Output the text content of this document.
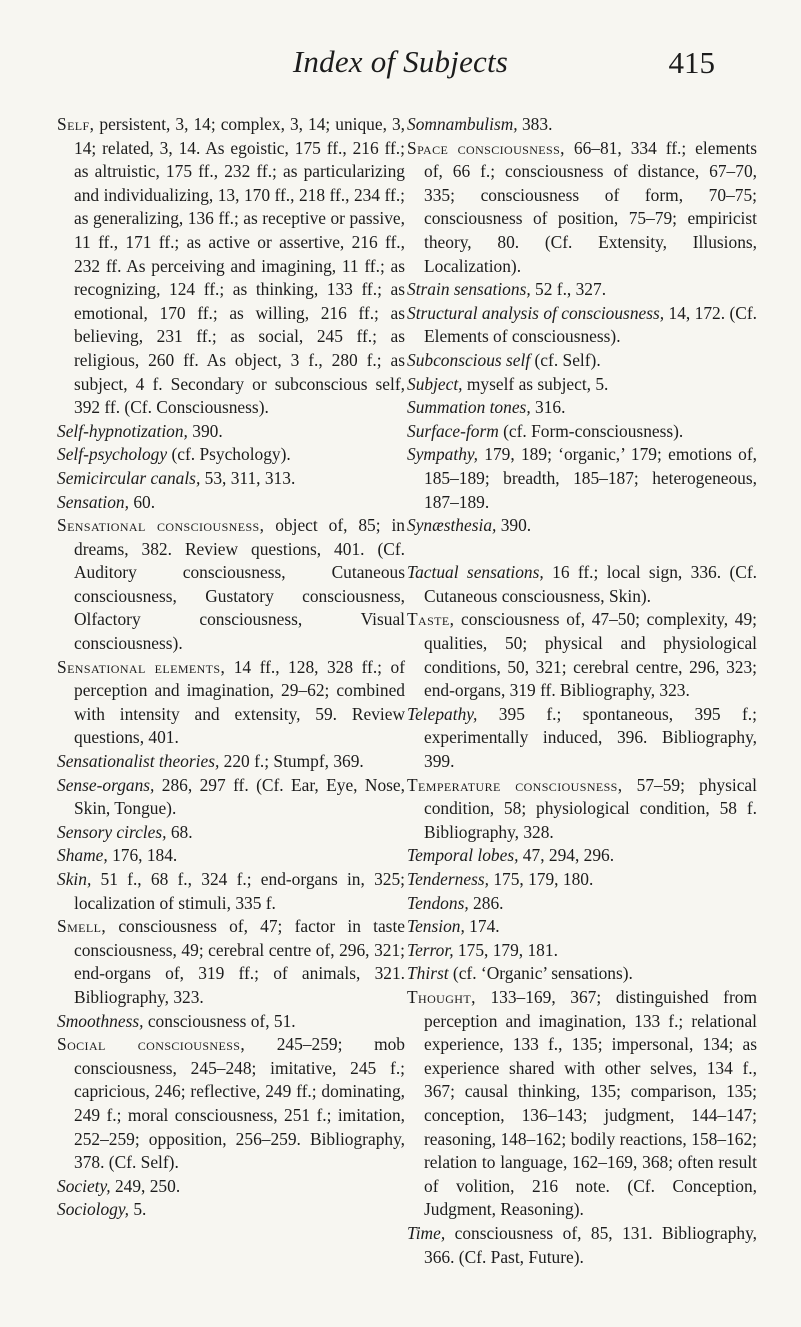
Index of Subjects	415

Self, persistent, 3, 14; complex, 3, 14; unique, 3, 14; related, 3, 14. As egoistic, 175 ff., 216 ff.; as altruistic, 175 ff., 232 ff.; as particularizing and individualizing, 13, 170 ff., 218 ff., 234 ff.; as generalizing, 136 ff.; as receptive or passive, 11 ff., 171 ff.; as active or assertive, 216 ff., 232 ff. As perceiving and imagining, 11 ff.; as recognizing, 124 ff.; as thinking, 133 ff.; as emotional, 170 ff.; as willing, 216 ff.; as believing, 231 ff.; as social, 245 ff.; as religious, 260 ff. As object, 3 f., 280 f.; as subject, 4 f. Secondary or subconscious self, 392 ff. (Cf. Consciousness).

Self-hypnotization, 390.

Self-psychology (cf. Psychology).

Semicircular canals, 53, 311, 313.

Sensation, 60.

Sensational consciousness, object of, 85; in dreams, 382. Review questions, 401. (Cf. Auditory consciousness, Cutaneous consciousness, Gustatory consciousness, Olfactory consciousness, Visual consciousness).

Sensational elements, 14 ff., 128, 328 ff.; of perception and imagination, 29–62; combined with intensity and extensity, 59. Review questions, 401.

Sensationalist theories, 220 f.; Stumpf, 369.

Sense-organs, 286, 297 ff. (Cf. Ear, Eye, Nose, Skin, Tongue).

Sensory circles, 68.

Shame, 176, 184.

Skin, 51 f., 68 f., 324 f.; end-organs in, 325; localization of stimuli, 335 f.

Smell, consciousness of, 47; factor in taste consciousness, 49; cerebral centre of, 296, 321; end-organs of, 319 ff.; of animals, 321. Bibliography, 323.

Smoothness, consciousness of, 51.

Social consciousness, 245–259; mob consciousness, 245–248; imitative, 245 f.; capricious, 246; reflective, 249 ff.; dominating, 249 f.; moral consciousness, 251 f.; imitation, 252–259; opposition, 256–259. Bibliography, 378. (Cf. Self).

Society, 249, 250.

Sociology, 5.

Somnambulism, 383.

Space consciousness, 66–81, 334 ff.; elements of, 66 f.; consciousness of distance, 67–70, 335; consciousness of form, 70–75; consciousness of position, 75–79; empiricist theory, 80. (Cf. Extensity, Illusions, Localization).

Strain sensations, 52 f., 327.

Structural analysis of consciousness, 14, 172. (Cf. Elements of consciousness).

Subconscious self (cf. Self).

Subject, myself as subject, 5.

Summation tones, 316.

Surface-form (cf. Form-consciousness).

Sympathy, 179, 189; ‘organic,’ 179; emotions of, 185–189; breadth, 185–187; heterogeneous, 187–189.

Synæsthesia, 390.

Tactual sensations, 16 ff.; local sign, 336. (Cf. Cutaneous consciousness, Skin).

Taste, consciousness of, 47–50; complexity, 49; qualities, 50; physical and physiological conditions, 50, 321; cerebral centre, 296, 323; end-organs, 319 ff. Bibliography, 323.

Telepathy, 395 f.; spontaneous, 395 f.; experimentally induced, 396. Bibliography, 399.

Temperature consciousness, 57–59; physical condition, 58; physiological condition, 58 f. Bibliography, 328.

Temporal lobes, 47, 294, 296.

Tenderness, 175, 179, 180.

Tendons, 286.

Tension, 174.

Terror, 175, 179, 181.

Thirst (cf. ‘Organic’ sensations).

Thought, 133–169, 367; distinguished from perception and imagination, 133 f.; relational experience, 133 f., 135; impersonal, 134; as experience shared with other selves, 134 f., 367; causal thinking, 135; comparison, 135; conception, 136–143; judgment, 144–147; reasoning, 148–162; bodily reactions, 158–162; relation to language, 162–169, 368; often result of volition, 216 note. (Cf. Conception, Judgment, Reasoning).

Time, consciousness of, 85, 131. Bibliography, 366. (Cf. Past, Future).
